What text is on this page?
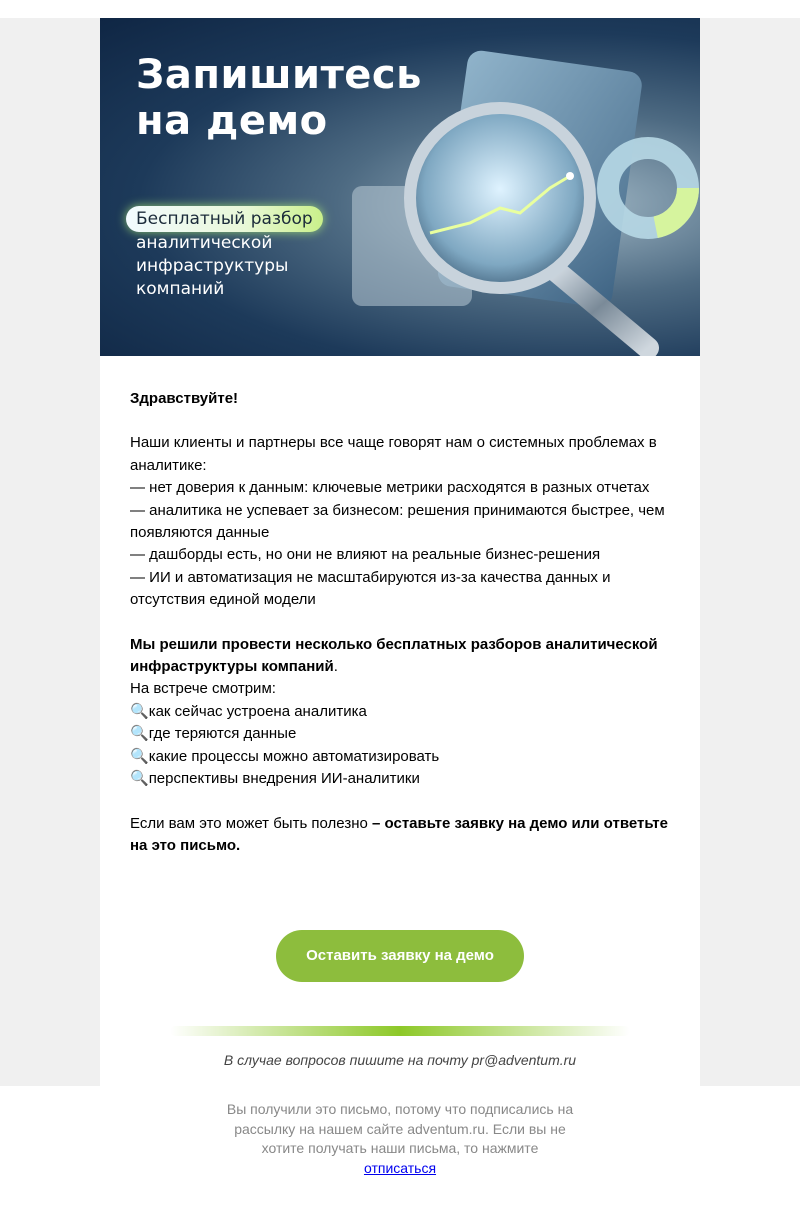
Запишитесь
на демо
Бесплатный разбор
аналитической
инфраструктуры
компаний

Здравствуйте!

Наши клиенты и партнеры все чаще говорят нам о системных проблемах в аналитике:

— нет доверия к данным: ключевые метрики расходятся в разных отчетах

— аналитика не успевает за бизнесом: решения принимаются быстрее, чем появляются данные

— дашборды есть, но они не влияют на реальные бизнес-решения

— ИИ и автоматизация не масштабируются из-за качества данных и отсутствия единой модели

Мы решили провести несколько бесплатных разборов аналитической инфраструктуры компаний.

На встрече смотрим:

🔍как сейчас устроена аналитика

🔍где теряются данные

🔍какие процессы можно автоматизировать

🔍перспективы внедрения ИИ-аналитики

Если вам это может быть полезно – оставьте заявку на демо или ответьте на это письмо.

Оставить заявку на демо
В случае вопросов пишите на почту pr@adventum.ru
Вы получили это письмо, потому что подписались на рассылку на нашем сайте adventum.ru. Если вы не хотите получать наши письма, то нажмите
отписаться
